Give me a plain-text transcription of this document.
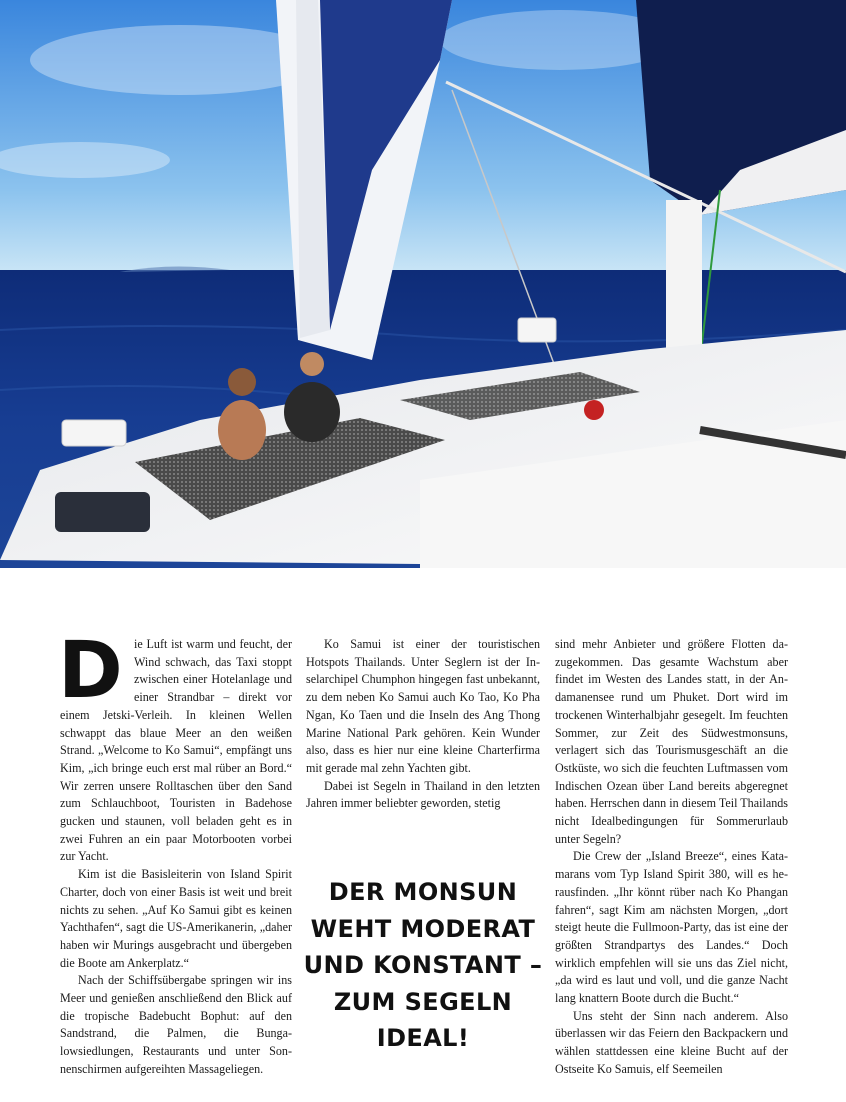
D ie Luft ist warm und feucht, der Wind schwach, das Taxi stoppt zwischen einer Hotelanlage und einer Strandbar – direkt vor einem Jetski-Verleih. In kleinen Wellen schwappt das blaue Meer an den weißen Strand. „Welcome to Ko Samui“, empfängt uns Kim, „ich bringe euch erst mal rüber an Bord.“ Wir zerren unsere Rolltaschen über den Sand zum Schlauchboot, Touristen in Badehose gucken und staunen, voll beladen geht es in zwei Fuhren an ein paar Motorbooten vorbei zur Yacht.

Kim ist die Basisleiterin von Island Spirit Charter, doch von einer Basis ist weit und breit nichts zu sehen. „Auf Ko Samui gibt es keinen Yachthafen“, sagt die US-Amerikanerin, „daher haben wir Murings ausgebracht und übergeben die Boote am Ankerplatz.“

Nach der Schiffsübergabe springen wir ins Meer und genießen anschließend den Blick auf die tropische Badebucht Bophut: auf den Sandstrand, die Palmen, die Bungalowsiedlungen, Restaurants und unter Sonnenschirmen aufgereihten Massageliegen.

Ko Samui ist einer der touristischen Hotspots Thailands. Unter Seglern ist der Inselarchipel Chumphon hingegen fast unbekannt, zu dem neben Ko Samui auch Ko Tao, Ko Pha Ngan, Ko Taen und die Inseln des Ang Thong Marine National Park gehören. Kein Wunder also, dass es hier nur eine kleine Charterfirma mit gerade mal zehn Yachten gibt.

Dabei ist Segeln in Thailand in den letzten Jahren immer beliebter geworden, stetig

DER MONSUN
WEHT MODERAT
UND KONSTANT –
ZUM SEGELN
IDEAL!

sind mehr Anbieter und größere Flotten dazugekommen. Das gesamte Wachstum aber findet im Westen des Landes statt, in der Andamanensee rund um Phuket. Dort wird im trockenen Winterhalbjahr gesegelt. Im feuchten Sommer, zur Zeit des Südwestmonsuns, verlagert sich das Tourismusgeschäft an die Ostküste, wo sich die feuchten Luftmassen vom Indischen Ozean über Land bereits abgeregnet haben. Herrschen dann in diesem Teil Thailands nicht Idealbedingungen für Sommerurlaub unter Segeln?

Die Crew der „Island Breeze“, eines Katamarans vom Typ Island Spirit 380, will es herausfinden. „Ihr könnt rüber nach Ko Phangan fahren“, sagt Kim am nächsten Morgen, „dort steigt heute die Fullmoon-Party, das ist eine der größten Strandpartys des Landes.“ Doch wirklich empfehlen will sie uns das Ziel nicht, „da wird es laut und voll, und die ganze Nacht lang knattern Boote durch die Bucht.“

Uns steht der Sinn nach anderem. Also überlassen wir das Feiern den Backpackern und wählen stattdessen eine kleine Bucht auf der Ostseite Ko Samuis, elf Seemeilen
